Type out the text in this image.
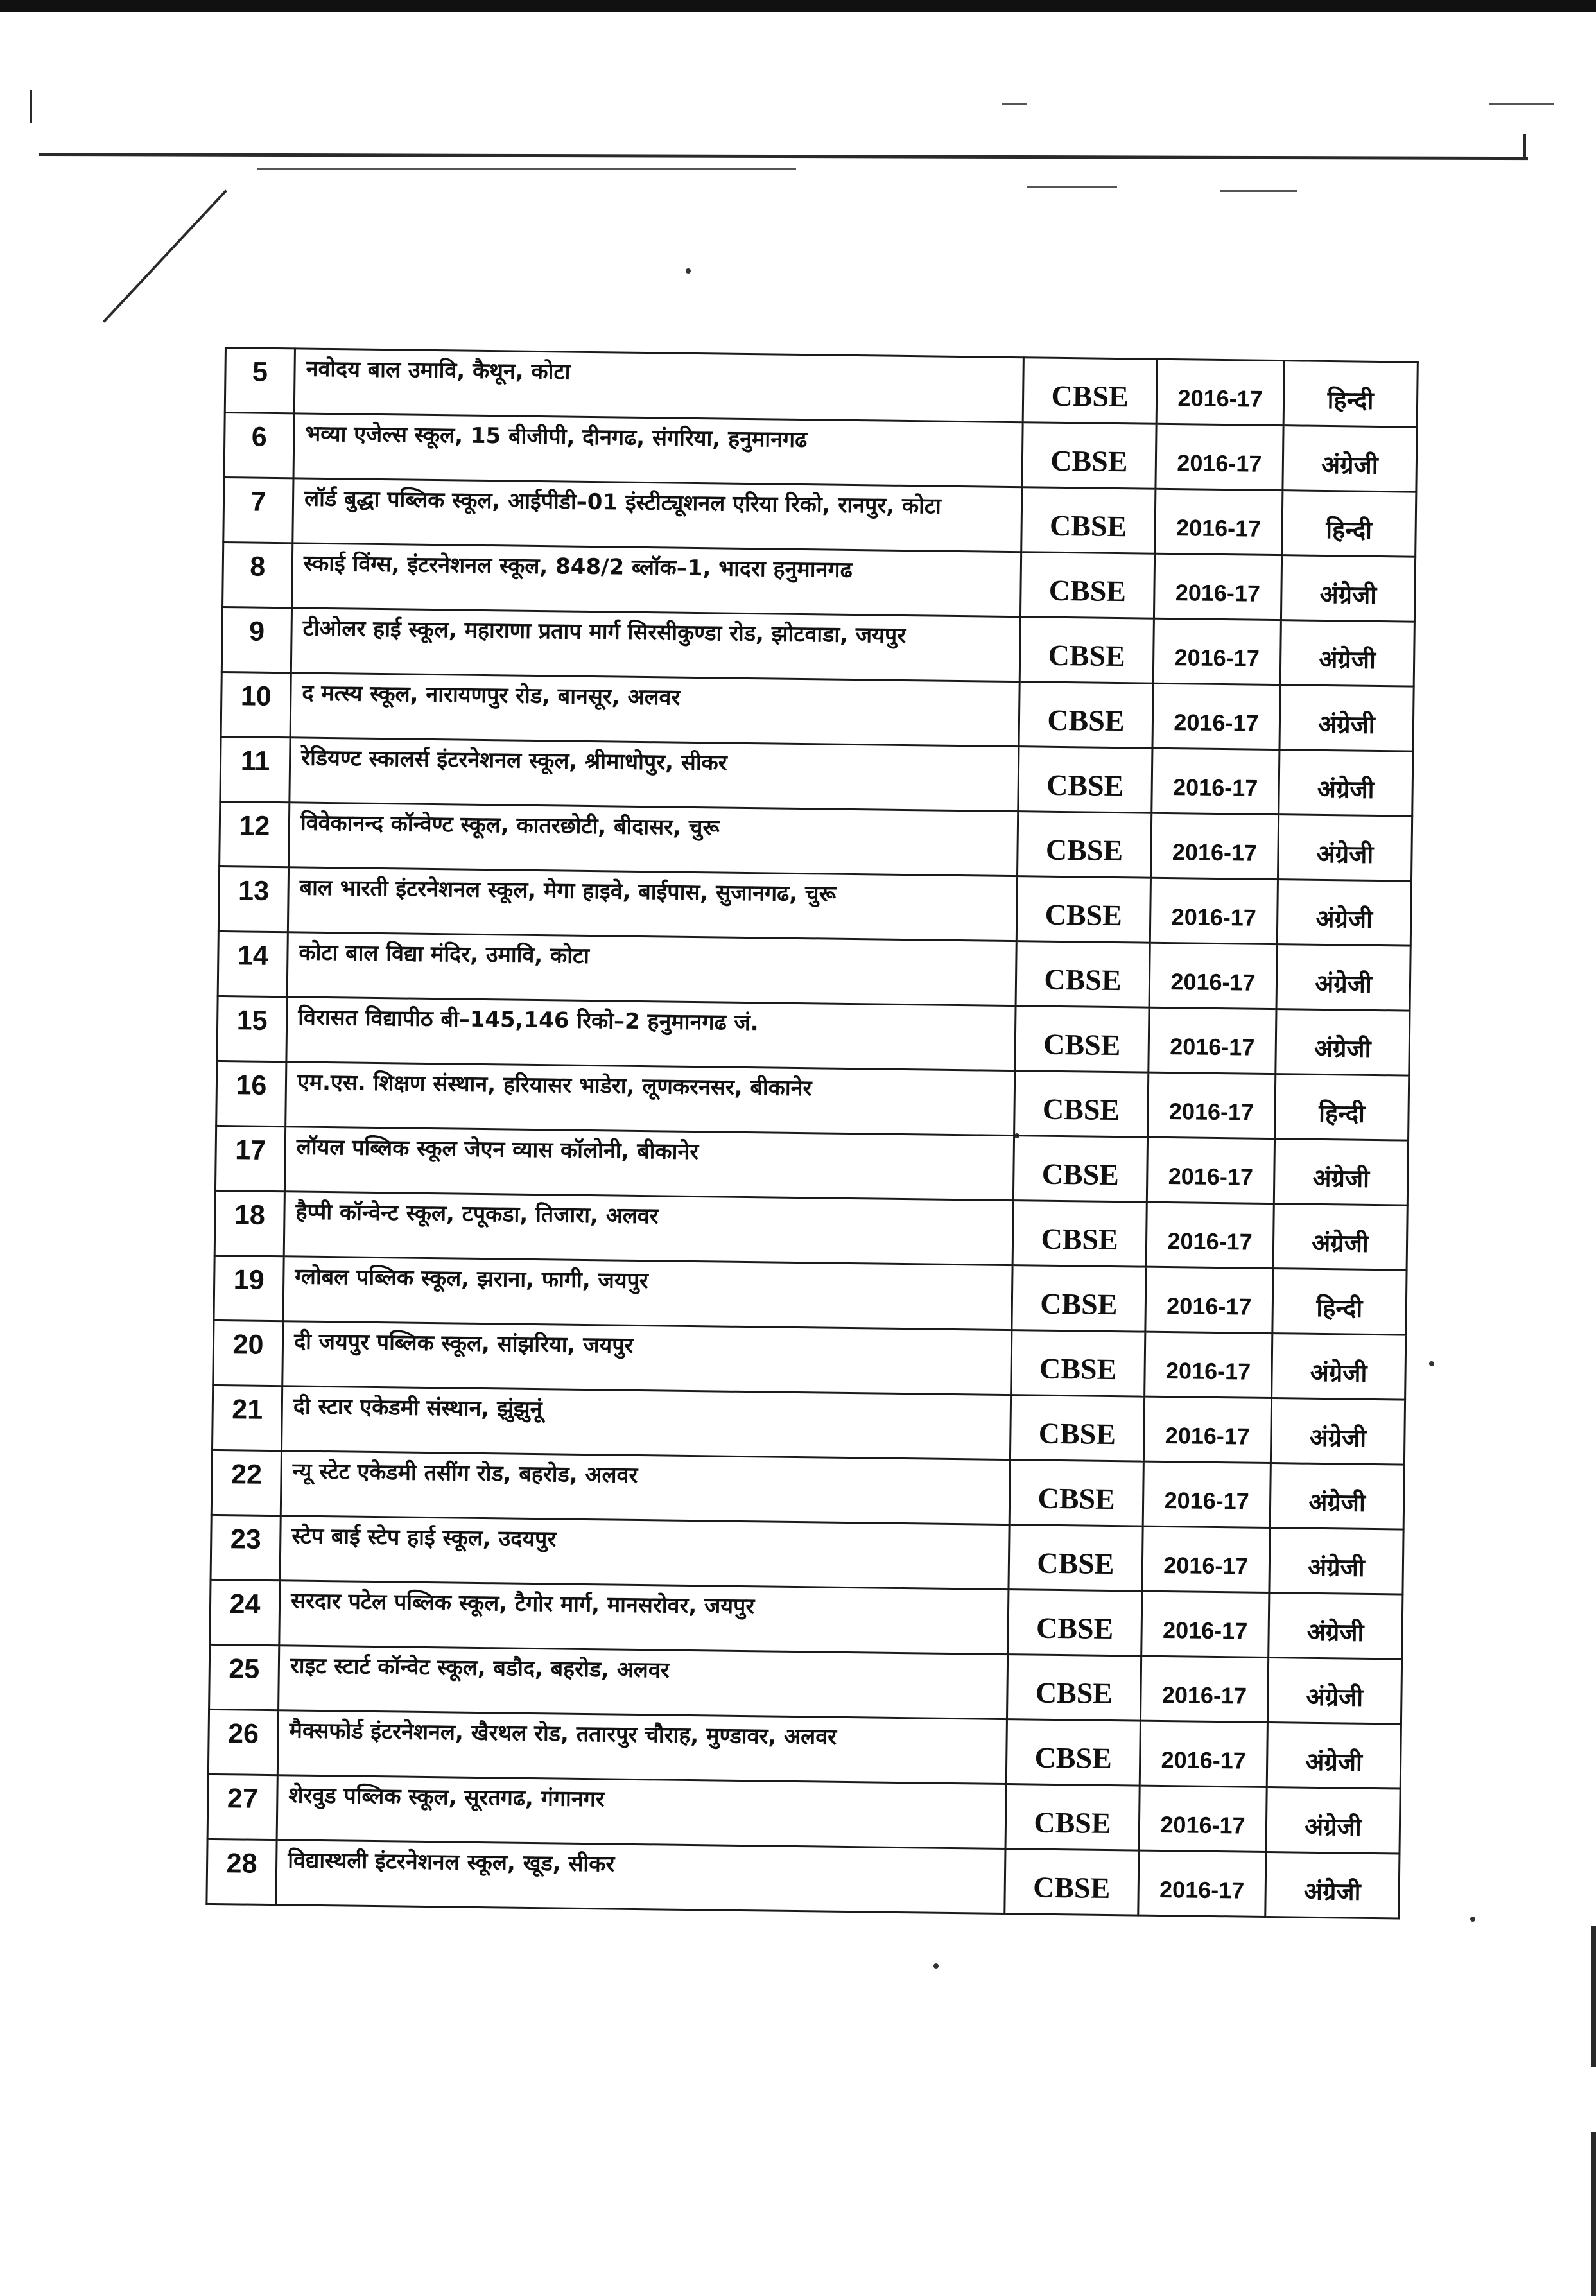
5	नवोदय बाल उमावि, कैथून, कोटा	CBSE	2016-17	हिन्दी
6	भव्या एजेल्स स्कूल, 15 बीजीपी, दीनगढ, संगरिया, हनुमानगढ	CBSE	2016-17	अंग्रेजी
7	लॉर्ड बुद्धा पब्लिक स्कूल, आईपीडी–01 इंस्टीट्यूशनल एरिया रिको, रानपुर, कोटा	CBSE	2016-17	हिन्दी
8	स्काई विंग्स, इंटरनेशनल स्कूल, 848/2 ब्लॉक–1, भादरा हनुमानगढ	CBSE	2016-17	अंग्रेजी
9	टीओलर हाई स्कूल, महाराणा प्रताप मार्ग सिरसीकुण्डा रोड, झोटवाडा, जयपुर	CBSE	2016-17	अंग्रेजी
10	द मत्स्य स्कूल, नारायणपुर रोड, बानसूर, अलवर	CBSE	2016-17	अंग्रेजी
11	रेडियण्ट स्कालर्स इंटरनेशनल स्कूल, श्रीमाधोपुर, सीकर	CBSE	2016-17	अंग्रेजी
12	विवेकानन्द कॉन्वेण्ट स्कूल, कातरछोटी, बीदासर, चुरू	CBSE	2016-17	अंग्रेजी
13	बाल भारती इंटरनेशनल स्कूल, मेगा हाइवे, बाईपास, सुजानगढ, चुरू	CBSE	2016-17	अंग्रेजी
14	कोटा बाल विद्या मंदिर, उमावि, कोटा	CBSE	2016-17	अंग्रेजी
15	विरासत विद्यापीठ बी–145,146 रिको–2 हनुमानगढ जं.	CBSE	2016-17	अंग्रेजी
16	एम.एस. शिक्षण संस्थान, हरियासर भाडेरा, लूणकरनसर, बीकानेर	CBSE	2016-17	हिन्दी
17	लॉयल पब्लिक स्कूल जेएन व्यास कॉलोनी, बीकानेर	CBSE	2016-17	अंग्रेजी
18	हैप्पी कॉन्वेन्ट स्कूल, टपूकडा, तिजारा, अलवर	CBSE	2016-17	अंग्रेजी
19	ग्लोबल पब्लिक स्कूल, झराना, फागी, जयपुर	CBSE	2016-17	हिन्दी
20	दी जयपुर पब्लिक स्कूल, सांझरिया, जयपुर	CBSE	2016-17	अंग्रेजी
21	दी स्टार एकेडमी संस्थान, झुंझुनूं	CBSE	2016-17	अंग्रेजी
22	न्यू स्टेट एकेडमी तसींग रोड, बहरोड, अलवर	CBSE	2016-17	अंग्रेजी
23	स्टेप बाई स्टेप हाई स्कूल, उदयपुर	CBSE	2016-17	अंग्रेजी
24	सरदार पटेल पब्लिक स्कूल, टैगोर मार्ग, मानसरोवर, जयपुर	CBSE	2016-17	अंग्रेजी
25	राइट स्टार्ट कॉन्वेट स्कूल, बडौद, बहरोड, अलवर	CBSE	2016-17	अंग्रेजी
26	मैक्सफोर्ड इंटरनेशनल, खैरथल रोड, ततारपुर चौराह, मुण्डावर, अलवर	CBSE	2016-17	अंग्रेजी
27	शेरवुड पब्लिक स्कूल, सूरतगढ, गंगानगर	CBSE	2016-17	अंग्रेजी
28	विद्यास्थली इंटरनेशनल स्कूल, खूड, सीकर	CBSE	2016-17	अंग्रेजी
